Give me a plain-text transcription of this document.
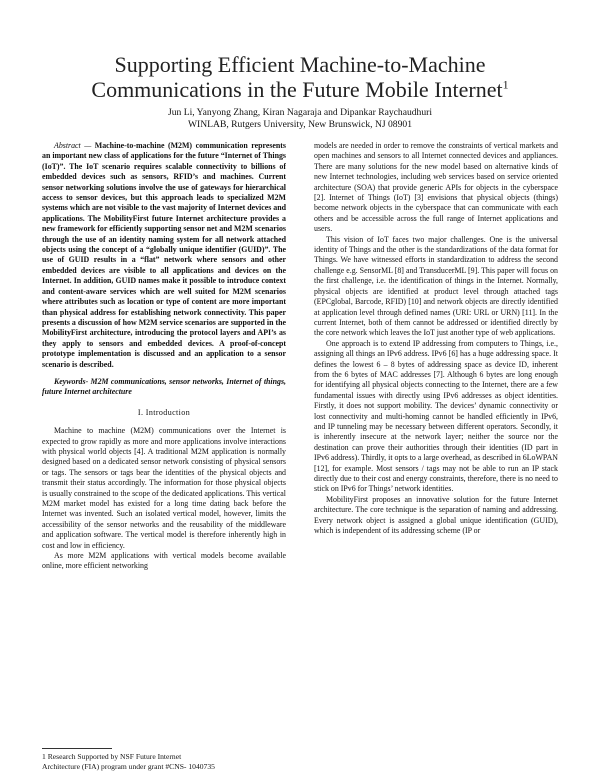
Supporting Efficient Machine-to-Machine
Communications in the Future Mobile Internet$^1$
Jun Li, Yanyong Zhang, Kiran Nagaraja and Dipankar Raychaudhuri
WINLAB, Rutgers University, New Brunswick, NJ 08901

Abstract — Machine-to-machine (M2M) communication represents an important new class of applications for the future “Internet of Things (IoT)”. The IoT scenario requires scalable connectivity to billions of embedded devices such as sensors, RFID’s and machines. Current sensor networking solutions involve the use of gateways for hierarchical access to sensor devices, but this approach leads to specialized M2M systems which are not visible to the vast majority of Internet devices and applications. The MobilityFirst future Internet architecture provides a new framework for efficiently supporting sensor net and M2M scenarios through the use of an identity naming system for all network attached objects using the concept of a “globally unique identifier (GUID)”. The use of GUID results in a “flat” network where sensors and other embedded devices are visible to all applications and devices on the Internet. In addition, GUID names make it possible to introduce context and content-aware services which are well suited for M2M scenarios where attributes such as location or type of content are more important than physical address for establishing network connectivity. This paper presents a discussion of how M2M service scenarios are supported in the MobilityFirst architecture, introducing the protocol layers and API’s as they apply to sensors and embedded devices. A proof-of-concept prototype implementation is discussed and an application to a sensor scenario is described.

Keywords- M2M communications, sensor networks, Internet of things, future Internet architecture

I. Introduction

Machine to machine (M2M) communications over the Internet is expected to grow rapidly as more and more applications involve interactions with physical world objects [4]. A traditional M2M application is normally designed based on a dedicated sensor network consisting of physical sensors or tags. The sensors or tags bear the identities of the physical objects and transmit their status accordingly. The information for those physical objects is usually constrained to the scope of the dedicated applications. This vertical M2M market model has existed for a long time dating back before the Internet was invented. Such an isolated vertical model, however, limits the accessibility of the sensor networks and the reusability of the middleware and application software. The vertical model is therefore inherently high in cost and low in efficiency.

As more M2M applications with vertical models become available online, more efficient networking

models are needed in order to remove the constraints of vertical markets and open machines and sensors to all Internet connected devices and appliances. There are many solutions for the new model based on alternative kinds of new Internet technologies, including web services based on service oriented architecture (SOA) that provide generic APIs for objects in the cyberspace [2]. Internet of Things (IoT) [3] envisions that physical objects (things) become network objects in the cyberspace that can communicate with each others and be accessible across the full range of Internet applications and users.

This vision of IoT faces two major challenges. One is the universal identity of Things and the other is the standardizations of the data format for Things. We have witnessed efforts in standardization to address the second challenge e.g. SensorML [8] and TransducerML [9]. This paper will focus on the first challenge, i.e. the identification of things in the Internet. Normally, physical objects are identified at product level through attached tags (EPCglobal, Barcode, RFID) [10] and network objects are directly identified at application level through defined names (URI: URL or URN) [11]. In the current Internet, both of them cannot be addressed or identified directly by the core network which leaves the IoT just another type of web applications.

One approach is to extend IP addressing from computers to Things, i.e., assigning all things an IPv6 address. IPv6 [6] has a huge addressing space. It defines the lowest 6 – 8 bytes of addressing space as device ID, inherent from the 6 bytes of MAC addresses [7]. Although 6 bytes are long enough for identifying all physical objects connecting to the Internet, there are a few fundamental issues with directly using IPv6 addresses as object identities. Firstly, it does not support mobility. The devices’ dynamic connectivity or lost connectivity and multi-homing cannot be handled efficiently in IPv6, and IP tunneling may be necessary between different operators. Secondly, it is inherently insecure at the network layer; neither the source nor the destination can prove their authorities through their identities (ID part in IPv6 address). Thirdly, it opts to a large overhead, as described in 6LoWPAN [12], for example. Most sensors / tags may not be able to run an IP stack directly due to their cost and energy constraints, therefore, there is no need to stick on IPv6 for Things’ network identities.

MobilityFirst proposes an innovative solution for the future Internet architecture. The core technique is the separation of naming and addressing. Every network object is assigned a global unique identification (GUID), which is independent of its addressing scheme (IP or

1 Research Supported by NSF Future Internet
Architecture (FIA) program under grant #CNS- 1040735
